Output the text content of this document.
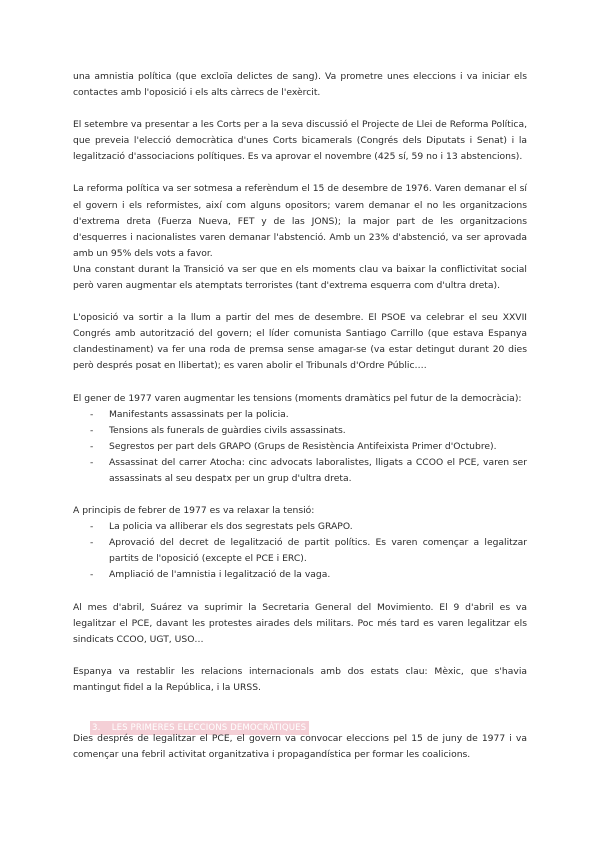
una amnistia política (que excloïa delictes de sang). Va prometre unes eleccions i va iniciar els contactes amb l'oposició i els alts càrrecs de l'exèrcit.

El setembre va presentar a les Corts per a la seva discussió el Projecte de Llei de Reforma Política, que preveia l'elecció democràtica d'unes Corts bicamerals (Congrés dels Diputats i Senat) i la legalització d'associacions polítiques. Es va aprovar el novembre (425 sí, 59 no i 13 abstencions).

La reforma política va ser sotmesa a referèndum el 15 de desembre de 1976. Varen demanar el sí el govern i els reformistes, així com alguns opositors; varem demanar el no les organitzacions d'extrema dreta (Fuerza Nueva, FET y de las JONS); la major part de les organitzacions d'esquerres i nacionalistes varen demanar l'abstenció. Amb un 23% d'abstenció, va ser aprovada amb un 95% dels vots a favor.

Una constant durant la Transició va ser que en els moments clau va baixar la conflictivitat social però varen augmentar els atemptats terroristes (tant d'extrema esquerra com d'ultra dreta).

L'oposició va sortir a la llum a partir del mes de desembre. El PSOE va celebrar el seu XXVII Congrés amb autorització del govern; el líder comunista Santiago Carrillo (que estava Espanya clandestinament) va fer una roda de premsa sense amagar-se (va estar detingut durant 20 dies però després posat en llibertat); es varen abolir el Tribunals d'Ordre Públic….

El gener de 1977 varen augmentar les tensions (moments dramàtics pel futur de la democràcia):

- Manifestants assassinats per la policia.
- Tensions als funerals de guàrdies civils assassinats.
- Segrestos per part dels GRAPO (Grups de Resistència Antifeixista Primer d'Octubre).
- Assassinat del carrer Atocha: cinc advocats laboralistes, lligats a CCOO el PCE, varen ser assassinats al seu despatx per un grup d'ultra dreta.

A principis de febrer de 1977 es va relaxar la tensió:

- La policia va alliberar els dos segrestats pels GRAPO.
- Aprovació del decret de legalització de partit polítics. Es varen començar a legalitzar partits de l'oposició (excepte el PCE i ERC).
- Ampliació de l'amnistia i legalització de la vaga.

Al mes d'abril, Suárez va suprimir la Secretaria General del Movimiento. El 9 d'abril es va legalitzar el PCE, davant les protestes airades dels militars. Poc més tard es varen legalitzar els sindicats CCOO, UGT, USO…

Espanya va restablir les relacions internacionals amb dos estats clau: Mèxic, que s'havia mantingut fidel a la República, i la URSS.

3. LES PRIMERES ELECCIONS DEMOCRÀTIQUES

Dies després de legalitzar el PCE, el govern va convocar eleccions pel 15 de juny de 1977 i va començar una febril activitat organitzativa i propagandística per formar les coalicions.
